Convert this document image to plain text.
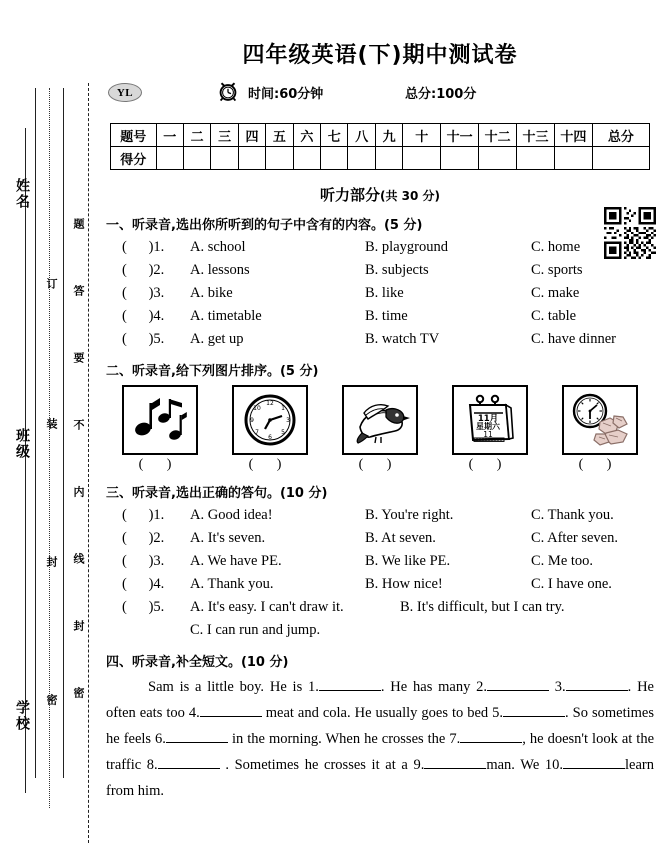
姓名
班级
学校
订
装
封
密
题
答
要
不
内
线
封
密
四年级英语(下)期中测试卷
YL	时间:60分钟	总分:100分
题号	一	二	三	四	五	六	七	八	九	十	十一	十二	十三	十四	总分
得分															
听力部分(共 30 分)
一、听录音,选出你所听到的句子中含有的内容。(5 分)
(      )1.	A. school	B. playground	C. home
(      )2.	A. lessons	B. subjects	C. sports
(      )3.	A. bike	B. like	C. make
(      )4.	A. timetable	B. time	C. table
(      )5.	A. get up	B. watch TV	C. have dinner
二、听录音,给下列图片排序。(5 分)
( )
12
1
3
5
6
7
9
10
( )	( )
11月
星期六
11
( )	( )
三、听录音,选出正确的答句。(10 分)
(      )1.	A. Good idea!	B. You're right.	C. Thank you.
(      )2.	A. It's seven.	B. At seven.	C. After seven.
(      )3.	A. We have PE.	B. We like PE.	C. Me too.
(      )4.	A. Thank you.	B. How nice!	C. I have one.
(      )5.	A. It's easy. I can't draw it.	B. It's difficult, but I can try.
C. I can run and jump.
四、听录音,补全短文。(10 分)
Sam is a little boy. He is 1.	. He has many 2.	3.	. He often eats too 4.	meat and cola. He usually goes to bed 5.	. So sometimes he feels 6.	in the morning. When he crosses the 7.	, he doesn't look at the traffic 8.	. Sometimes he crosses it at a 9.	man. We 10.	learn from him.
